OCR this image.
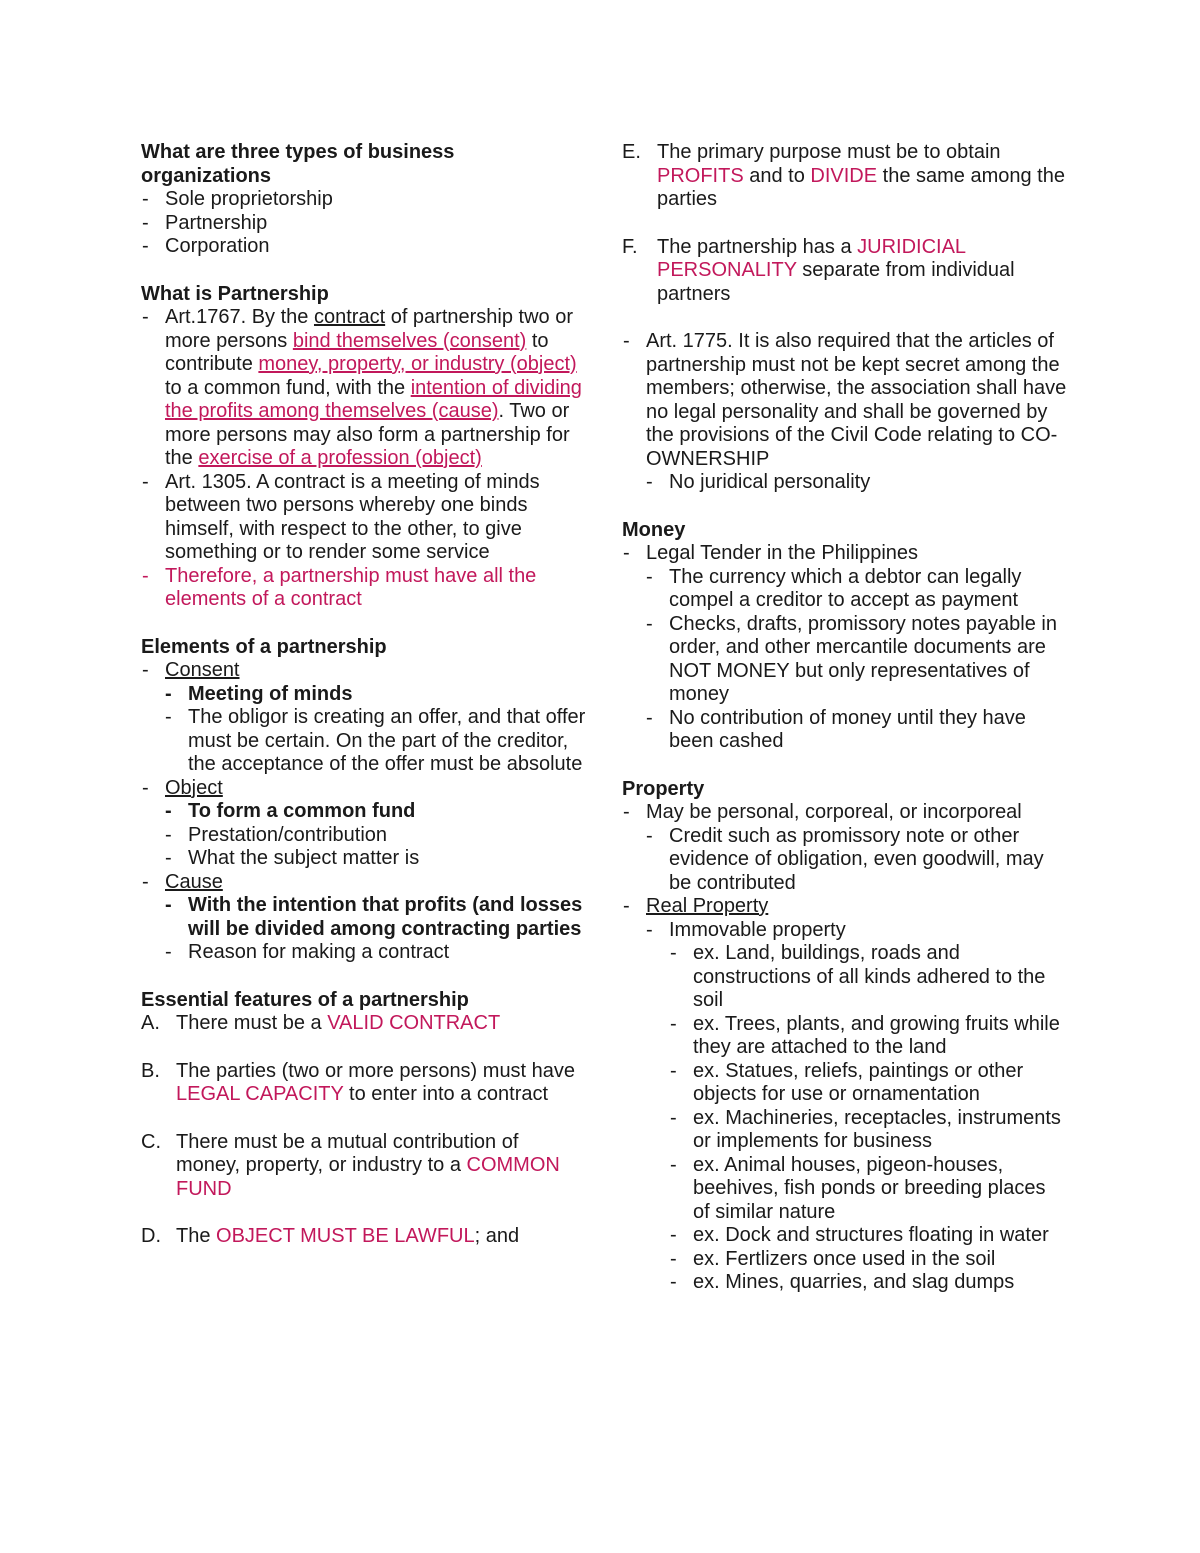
What are three types of business
organizations
- Sole proprietorship
- Partnership
- Corporation
What is Partnership
- Art.1767. By the contract of partnership two or more persons bind themselves (consent) to contribute money, property, or industry (object) to a common fund, with the intention of dividing the profits among themselves (cause). Two or more persons may also form a partnership for the exercise of a profession (object)
- Art. 1305. A contract is a meeting of minds between two persons whereby one binds himself, with respect to the other, to give something or to render some service
- Therefore, a partnership must have all the elements of a contract
Elements of a partnership
- Consent
- Meeting of minds
- The obligor is creating an offer, and that offer must be certain. On the part of the creditor, the acceptance of the offer must be absolute
- Object
- To form a common fund
- Prestation/contribution
- What the subject matter is
- Cause
- With the intention that profits (and losses will be divided among contracting parties
- Reason for making a contract
Essential features of a partnership
A. There must be a VALID CONTRACT
B. The parties (two or more persons) must have LEGAL CAPACITY to enter into a contract
C. There must be a mutual contribution of money, property, or industry to a COMMON FUND
D. The OBJECT MUST BE LAWFUL; and
E. The primary purpose must be to obtain PROFITS and to DIVIDE the same among the parties
F. The partnership has a JURIDICIAL PERSONALITY separate from individual partners
- Art. 1775. It is also required that the articles of partnership must not be kept secret among the members; otherwise, the association shall have no legal personality and shall be governed by the provisions of the Civil Code relating to CO-OWNERSHIP
- No juridical personality
Money
- Legal Tender in the Philippines
- The currency which a debtor can legally compel a creditor to accept as payment
- Checks, drafts, promissory notes payable in order, and other mercantile documents are NOT MONEY but only representatives of money
- No contribution of money until they have been cashed
Property
- May be personal, corporeal, or incorporeal
- Credit such as promissory note or other evidence of obligation, even goodwill, may be contributed
- Real Property
- Immovable property
- ex. Land, buildings, roads and constructions of all kinds adhered to the soil
- ex. Trees, plants, and growing fruits while they are attached to the land
- ex. Statues, reliefs, paintings or other objects for use or ornamentation
- ex. Machineries, receptacles, instruments or implements for business
- ex. Animal houses, pigeon-houses, beehives, fish ponds or breeding places of similar nature
- ex. Dock and structures floating in water
- ex. Fertlizers once used in the soil
- ex. Mines, quarries, and slag dumps
